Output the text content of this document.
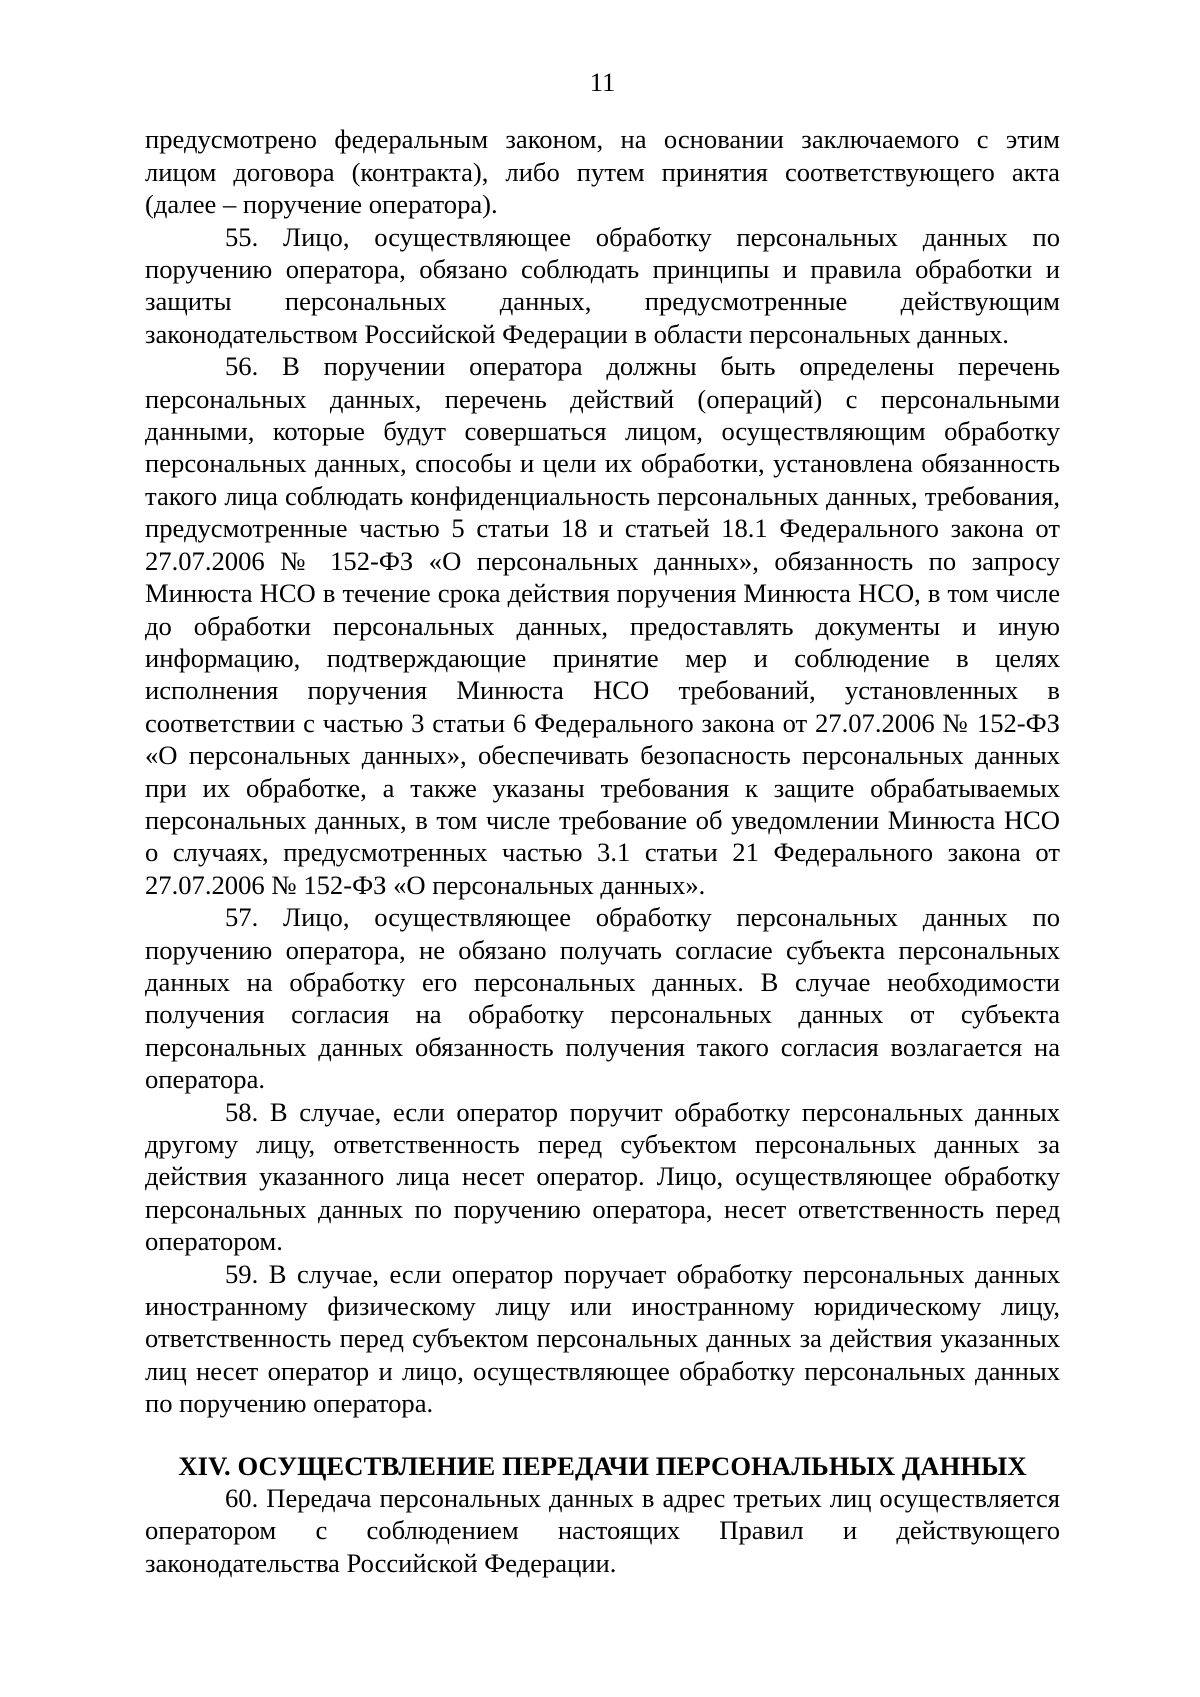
11

предусмотрено федеральным законом, на основании заключаемого с этим лицом договора (контракта), либо путем принятия соответствующего акта (далее – поручение оператора).

55. Лицо, осуществляющее обработку персональных данных по поручению оператора, обязано соблюдать принципы и правила обработки и защиты персональных данных, предусмотренные действующим законодательством Российской Федерации в области персональных данных.

56. В поручении оператора должны быть определены перечень персональных данных, перечень действий (операций) с персональными данными, которые будут совершаться лицом, осуществляющим обработку персональных данных, способы и цели их обработки, установлена обязанность такого лица соблюдать конфиденциальность персональных данных, требования, предусмотренные частью 5 статьи 18 и статьей 18.1 Федерального закона от 27.07.2006 № 152-ФЗ «О персональных данных», обязанность по запросу Минюста НСО в течение срока действия поручения Минюста НСО, в том числе до обработки персональных данных, предоставлять документы и иную информацию, подтверждающие принятие мер и соблюдение в целях исполнения поручения Минюста НСО требований, установленных в соответствии с частью 3 статьи 6 Федерального закона от 27.07.2006 № 152-ФЗ «О персональных данных», обеспечивать безопасность персональных данных при их обработке, а также указаны требования к защите обрабатываемых персональных данных, в том числе требование об уведомлении Минюста НСО о случаях, предусмотренных частью 3.1 статьи 21 Федерального закона от 27.07.2006 № 152-ФЗ «О персональных данных».

57. Лицо, осуществляющее обработку персональных данных по поручению оператора, не обязано получать согласие субъекта персональных данных на обработку его персональных данных. В случае необходимости получения согласия на обработку персональных данных от субъекта персональных данных обязанность получения такого согласия возлагается на оператора.

58. В случае, если оператор поручит обработку персональных данных другому лицу, ответственность перед субъектом персональных данных за действия указанного лица несет оператор. Лицо, осуществляющее обработку персональных данных по поручению оператора, несет ответственность перед оператором.

59. В случае, если оператор поручает обработку персональных данных иностранному физическому лицу или иностранному юридическому лицу, ответственность перед субъектом персональных данных за действия указанных лиц несет оператор и лицо, осуществляющее обработку персональных данных по поручению оператора.

XIV. ОСУЩЕСТВЛЕНИЕ ПЕРЕДАЧИ ПЕРСОНАЛЬНЫХ ДАННЫХ

60. Передача персональных данных в адрес третьих лиц осуществляется оператором с соблюдением настоящих Правил и действующего законодательства Российской Федерации.
